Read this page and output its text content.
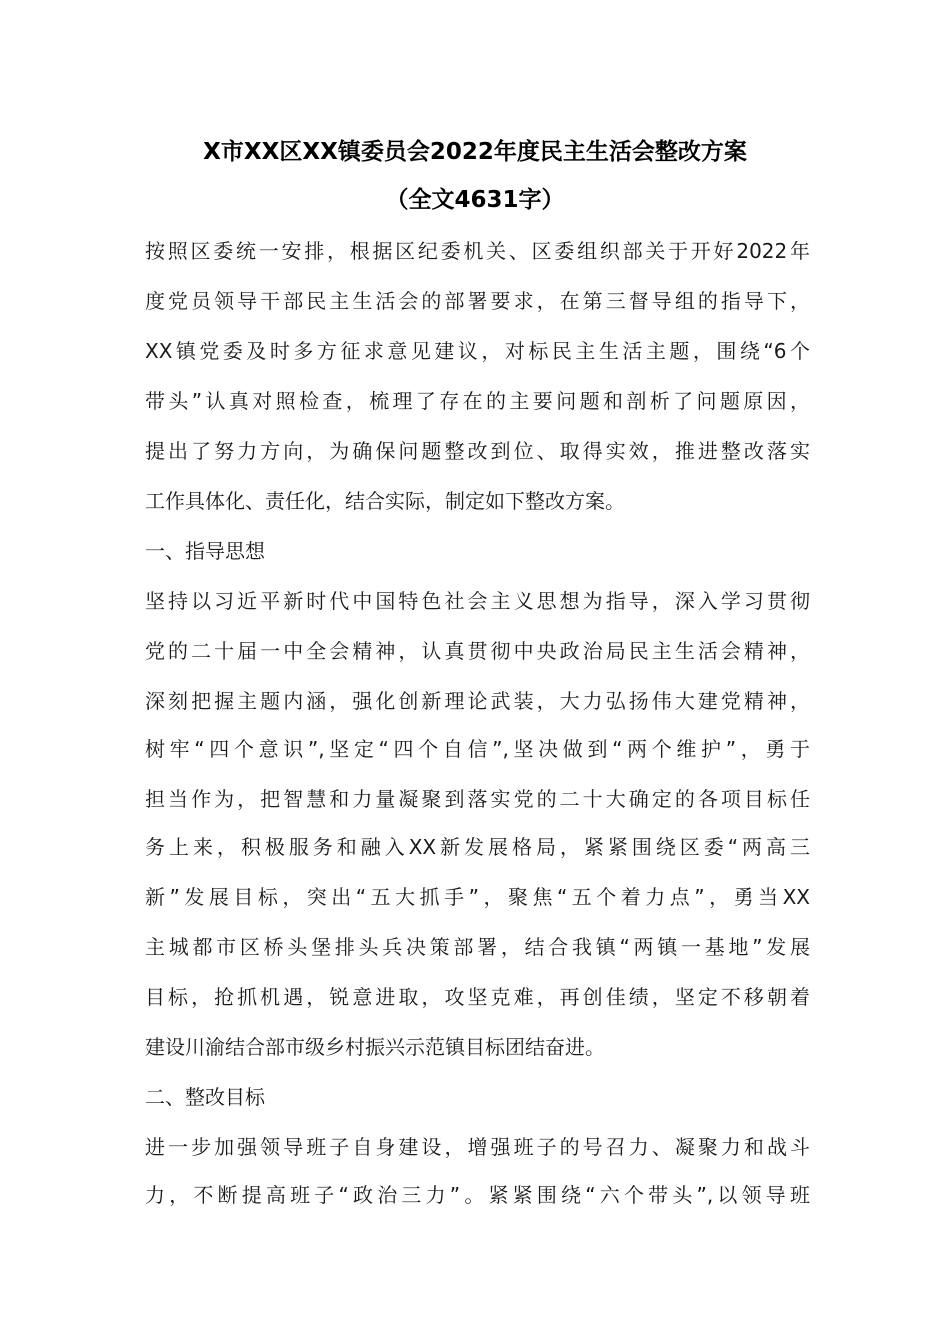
X市XX区XX镇委员会2022年度民主生活会整改方案
（全文4631字）
按照区委统一安排，根据区纪委机关、区委组织部关于开好2022年
度党员领导干部民主生活会的部署要求，在第三督导组的指导下，
XX镇党委及时多方征求意见建议，对标民主生活主题，围绕“6个
带头”认真对照检查，梳理了存在的主要问题和剖析了问题原因，
提出了努力方向，为确保问题整改到位、取得实效，推进整改落实
工作具体化、责任化，结合实际，制定如下整改方案。
一、指导思想
坚持以习近平新时代中国特色社会主义思想为指导，深入学习贯彻
党的二十届一中全会精神，认真贯彻中央政治局民主生活会精神，
深刻把握主题内涵，强化创新理论武装，大力弘扬伟大建党精神，
树牢“四个意识”,坚定“四个自信”,坚决做到“两个维护”，勇于
担当作为，把智慧和力量凝聚到落实党的二十大确定的各项目标任
务上来，积极服务和融入XX新发展格局，紧紧围绕区委“两高三
新”发展目标，突出“五大抓手”，聚焦“五个着力点”，勇当XX
主城都市区桥头堡排头兵决策部署，结合我镇“两镇一基地”发展
目标，抢抓机遇，锐意进取，攻坚克难，再创佳绩，坚定不移朝着
建设川渝结合部市级乡村振兴示范镇目标团结奋进。
二、整改目标
进一步加强领导班子自身建设，增强班子的号召力、凝聚力和战斗
力，不断提高班子“政治三力”。紧紧围绕“六个带头”,以领导班
